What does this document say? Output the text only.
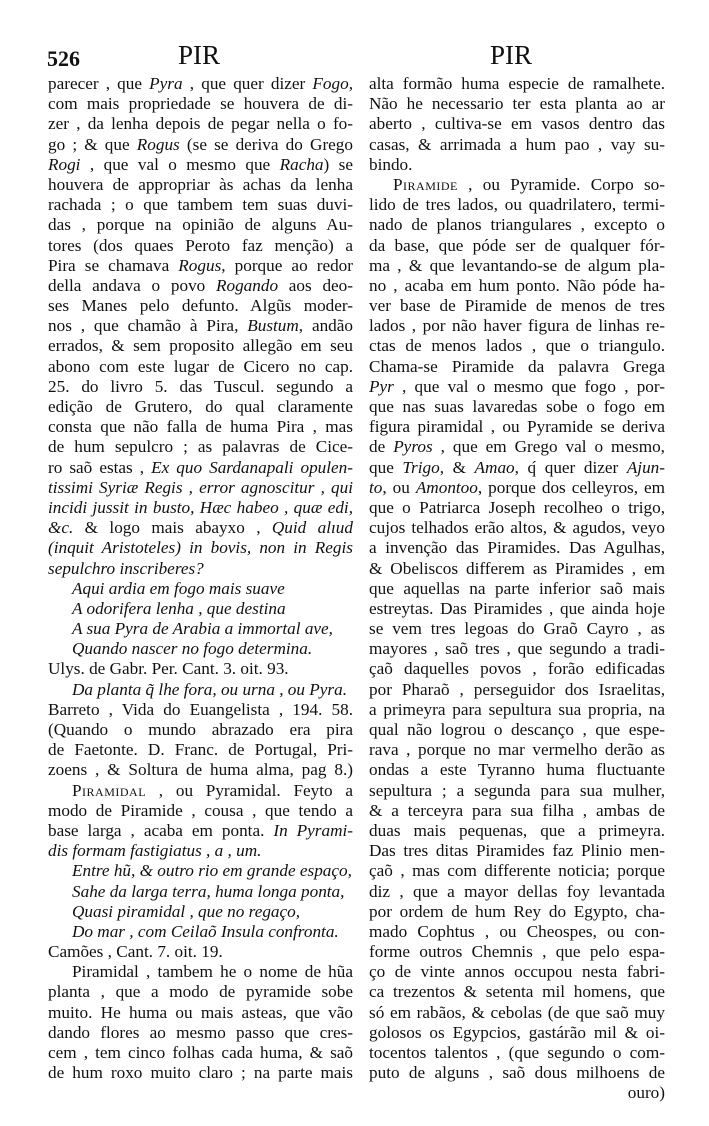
526	PIR	PIR
parecer , que Pyra , que quer dizer Fogo,
com mais propriedade se houvera de di-
zer , da lenha depois de pegar nella o fo-
go ; & que Rogus (se se deriva do Grego
Rogi , que val o mesmo que Racha) se
houvera de appropriar às achas da lenha
rachada ; o que tambem tem suas duvi-
das , porque na opinião de alguns Au-
tores (dos quaes Peroto faz menção) a
Pira se chamava Rogus, porque ao redor
della andava o povo Rogando aos deo-
ses Manes pelo defunto. Algũs moder-
nos , que chamão à Pira, Bustum, andão
errados, & sem proposito allegão em seu
abono com este lugar de Cicero no cap.
25. do livro 5. das Tuscul. segundo a
edição de Grutero, do qual claramente
consta que não falla de huma Pira , mas
de hum sepulcro ; as palavras de Cice-
ro saõ estas , Ex quo Sardanapali opulen-
tissimi Syriæ Regis , error agnoscitur , qui
incidi jussit in busto, Hæc habeo , quæ edi,
&c. & logo mais abayxo , Quid alıud
(inquit Aristoteles) in bovis, non in Regis
sepulchro inscriberes?
Aqui ardia em fogo mais suave
A odorifera lenha , que destina
A sua Pyra de Arabia a immortal ave,
Quando nascer no fogo determina.
Ulys. de Gabr. Per. Cant. 3. oit. 93.
Da planta q̃ lhe fora, ou urna , ou Pyra.
Barreto , Vida do Euangelista , 194. 58.
(Quando o mundo abrazado era pira
de Faetonte. D. Franc. de Portugal, Pri-
zoens , & Soltura de huma alma, pag 8.)
Piramidal , ou Pyramidal. Feyto a
modo de Piramide , cousa , que tendo a
base larga , acaba em ponta. In Pyrami-
dis formam fastigiatus , a , um.
Entre hũ, & outro rio em grande espaço,
Sahe da larga terra, huma longa ponta,
Quasi piramidal , que no regaço,
Do mar , com Ceilaõ Insula confronta.
Camões , Cant. 7. oit. 19.
Piramidal , tambem he o nome de hũa
planta , que a modo de pyramide sobe
muito. He huma ou mais asteas, que vão
dando flores ao mesmo passo que cres-
cem , tem cinco folhas cada huma, & saõ
de hum roxo muito claro ; na parte mais
alta formão huma especie de ramalhete.
Não he necessario ter esta planta ao ar
aberto , cultiva-se em vasos dentro das
casas, & arrimada a hum pao , vay su-
bindo.
Piramide , ou Pyramide. Corpo so-
lido de tres lados, ou quadrilatero, termi-
nado de planos triangulares , excepto o
da base, que póde ser de qualquer fór-
ma , & que levantando-se de algum pla-
no , acaba em hum ponto. Não póde ha-
ver base de Piramide de menos de tres
lados , por não haver figura de linhas re-
ctas de menos lados , que o triangulo.
Chama-se Piramide da palavra Grega
Pyr , que val o mesmo que fogo , por-
que nas suas lavaredas sobe o fogo em
figura piramidal , ou Pyramide se deriva
de Pyros , que em Grego val o mesmo,
que Trigo, & Amao, q́ quer dizer Ajun-
to, ou Amontoo, porque dos celleyros, em
que o Patriarca Joseph recolheo o trigo,
cujos telhados erão altos, & agudos, veyo
a invenção das Piramides. Das Agulhas,
& Obeliscos differem as Piramides , em
que aquellas na parte inferior saõ mais
estreytas. Das Piramides , que ainda hoje
se vem tres legoas do Graõ Cayro , as
mayores , saõ tres , que segundo a tradi-
çaõ daquelles povos , forão edificadas
por Pharaõ , perseguidor dos Israelitas,
a primeyra para sepultura sua propria, na
qual não logrou o descanço , que espe-
rava , porque no mar vermelho derão as
ondas a este Tyranno huma fluctuante
sepultura ; a segunda para sua mulher,
& a terceyra para sua filha , ambas de
duas mais pequenas, que a primeyra.
Das tres ditas Piramides faz Plinio men-
çaõ , mas com differente noticia; porque
diz , que a mayor dellas foy levantada
por ordem de hum Rey do Egypto, cha-
mado Cophtus , ou Cheospes, ou con-
forme outros Chemnis , que pelo espa-
ço de vinte annos occupou nesta fabri-
ca trezentos & setenta mil homens, que
só em rabãos, & cebolas (de que saõ muy
golosos os Egypcios, gastárão mil & oi-
tocentos talentos , (que segundo o com-
puto de alguns , saõ dous milhoens de
ouro)
